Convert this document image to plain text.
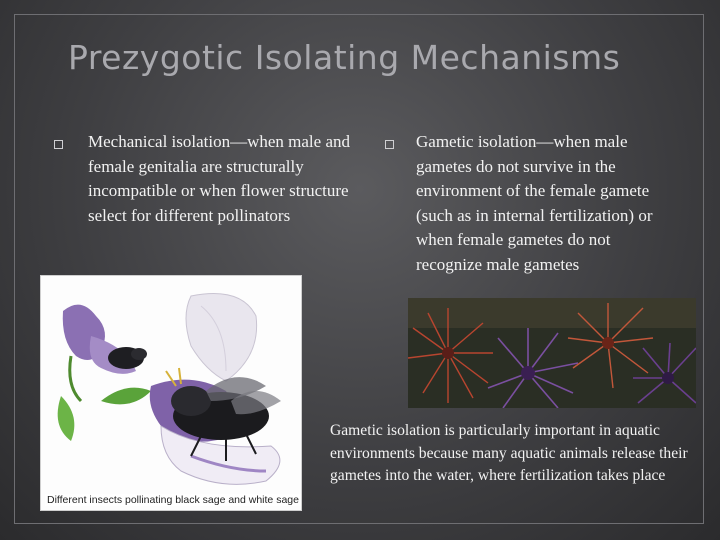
Prezygotic Isolating Mechanisms
Mechanical isolation—when male and female genitalia are structurally incompatible or when flower structure select for different pollinators
Gametic isolation—when male gametes do not survive in the environment of the female gamete (such as in internal fertilization) or when female gametes do not recognize male gametes
Different insects pollinating black sage and white sage
Gametic isolation is particularly important in aquatic environments because many aquatic animals release their gametes into the water, where fertilization takes place
